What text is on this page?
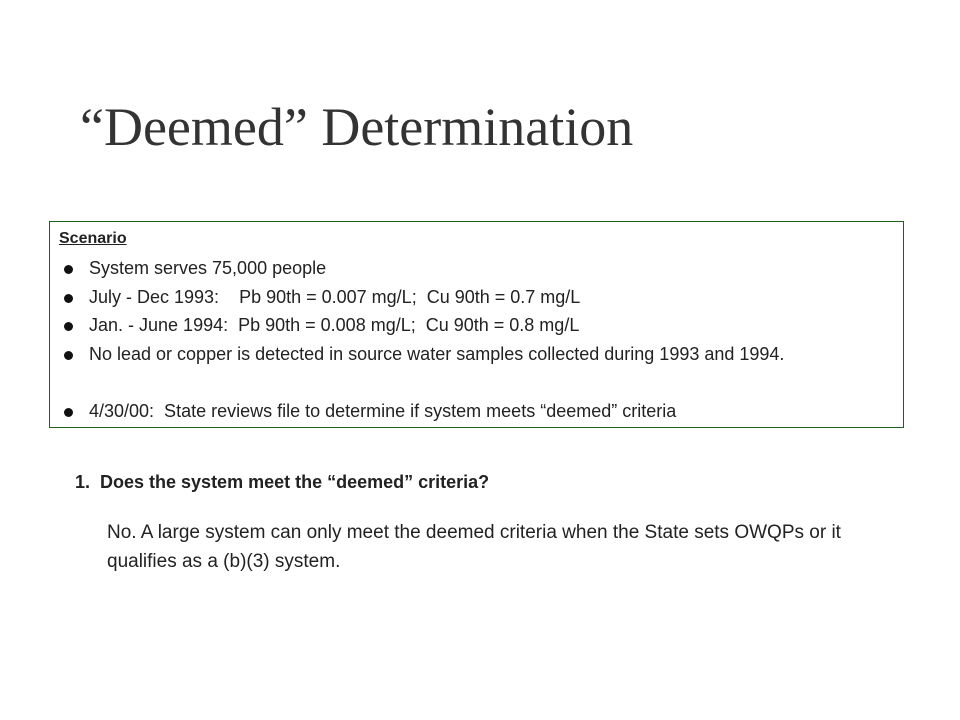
“Deemed” Determination
Scenario
System serves 75,000 people
July - Dec 1993:    Pb 90th = 0.007 mg/L;  Cu 90th = 0.7 mg/L
Jan. - June 1994:  Pb 90th = 0.008 mg/L;  Cu 90th = 0.8 mg/L
No lead or copper is detected in source water samples collected during 1993 and 1994.
4/30/00:  State reviews file to determine if system meets “deemed” criteria
1.  Does the system meet the “deemed” criteria?
No. A large system can only meet the deemed criteria when the State sets OWQPs or it qualifies as a (b)(3) system.
